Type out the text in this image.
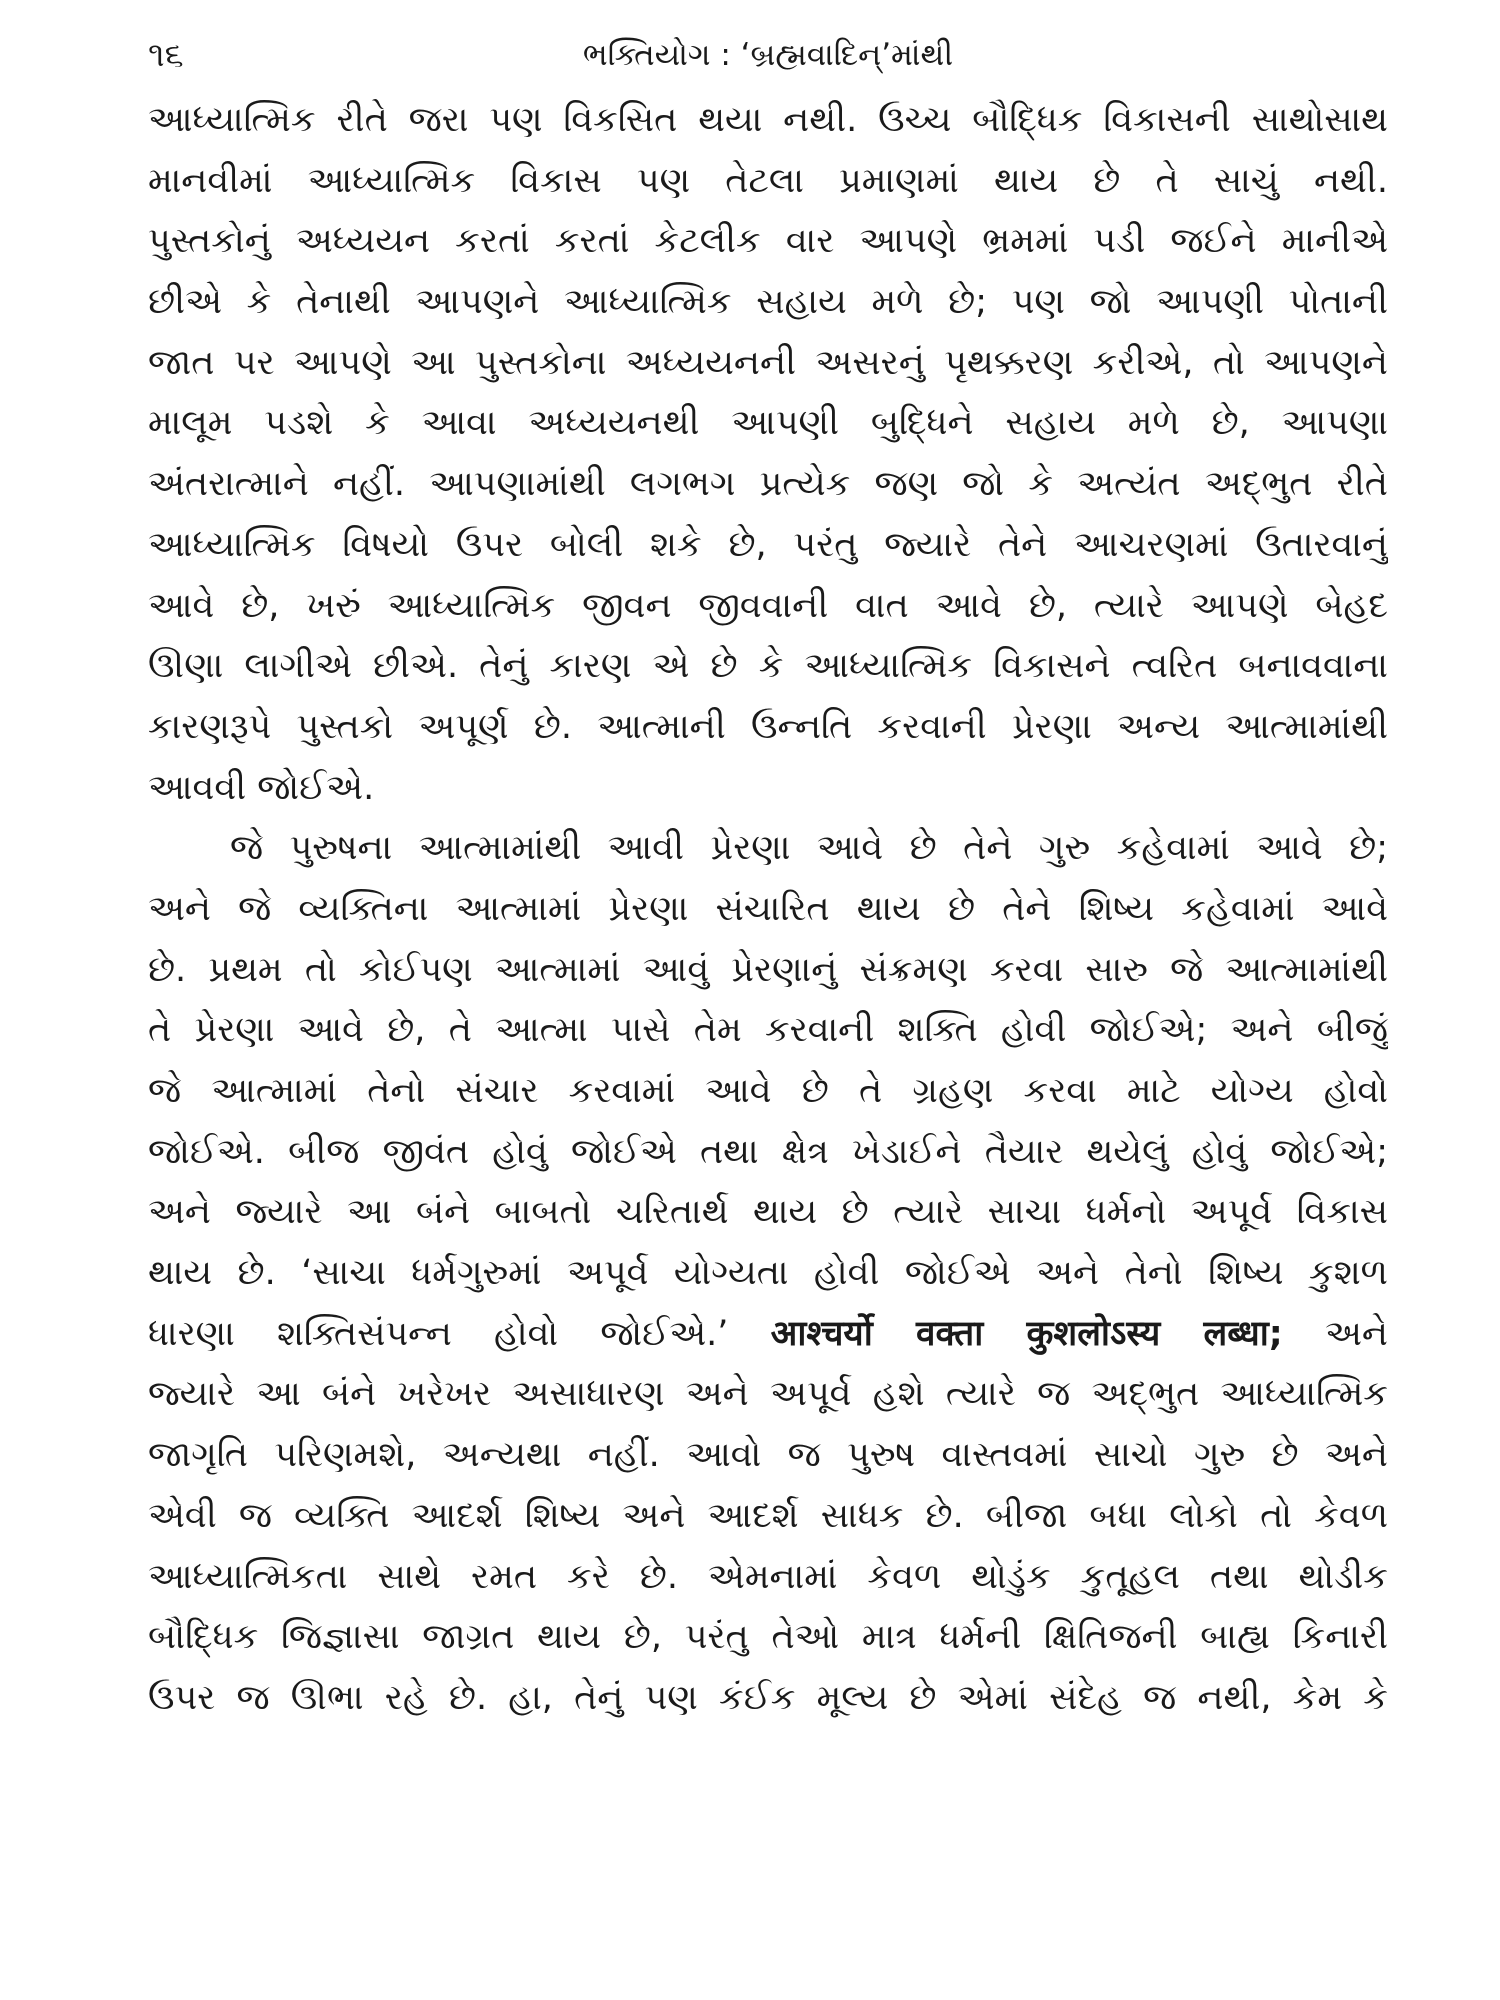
૧૬	ભક્તિયોગ : ‘બ્રહ્મવાદિન્’માંથી
આધ્યાત્મિક રીતે જરા પણ વિકસિત થયા નથી. ઉચ્ચ બૌદ્ધિક વિકાસની સાથોસાથ
માનવીમાં આધ્યાત્મિક વિકાસ પણ તેટલા પ્રમાણમાં થાય છે તે સાચું નથી.
પુસ્તકોનું અધ્યયન કરતાં કરતાં કેટલીક વાર આપણે ભ્રમમાં પડી જઈને માનીએ
છીએ કે તેનાથી આપણને આધ્યાત્મિક સહાય મળે છે; પણ જો આપણી પોતાની
જાત પર આપણે આ પુસ્તકોના અધ્યયનની અસરનું પૃથક્કરણ કરીએ, તો આપણને
માલૂમ પડશે કે આવા અધ્યયનથી આપણી બુદ્ધિને સહાય મળે છે, આપણા
અંતરાત્માને નહીં. આપણામાંથી લગભગ પ્રત્યેક જણ જો કે અત્યંત અદ્‌ભુત રીતે
આધ્યાત્મિક વિષયો ઉપર બોલી શકે છે, પરંતુ જ્યારે તેને આચરણમાં ઉતારવાનું
આવે છે, ખરું આધ્યાત્મિક જીવન જીવવાની વાત આવે છે, ત્યારે આપણે બેહદ
ઊણા લાગીએ છીએ. તેનું કારણ એ છે કે આધ્યાત્મિક વિકાસને ત્વરિત બનાવવાના
કારણરૂપે પુસ્તકો અપૂર્ણ છે. આત્માની ઉન્નતિ કરવાની પ્રેરણા અન્ય આત્મામાંથી
આવવી જોઈએ.
જે પુરુષના આત્મામાંથી આવી પ્રેરણા આવે છે તેને ગુરુ કહેવામાં આવે છે;
અને જે વ્યક્તિના આત્મામાં પ્રેરણા સંચારિત થાય છે તેને શિષ્ય કહેવામાં આવે
છે. પ્રથમ તો કોઈપણ આત્મામાં આવું પ્રેરણાનું સંક્રમણ કરવા સારુ જે આત્મામાંથી
તે પ્રેરણા આવે છે, તે આત્મા પાસે તેમ કરવાની શક્તિ હોવી જોઈએ; અને બીજું
જે આત્મામાં તેનો સંચાર કરવામાં આવે છે તે ગ્રહણ કરવા માટે યોગ્ય હોવો
જોઈએ. બીજ જીવંત હોવું જોઈએ તથા ક્ષેત્ર ખેડાઈને તૈયાર થયેલું હોવું જોઈએ;
અને જ્યારે આ બંને બાબતો ચરિતાર્થ થાય છે ત્યારે સાચા ધર્મનો અપૂર્વ વિકાસ
થાય છે. ‘સાચા ધર્મગુરુમાં અપૂર્વ યોગ્યતા હોવી જોઈએ અને તેનો શિષ્ય કુશળ
ધારણા શક્તિસંપન્ન હોવો જોઈએ.’ आश्चर्यो वक्ता कुशलोऽस्य लब्धा; અને
જ્યારે આ બંને ખરેખર અસાધારણ અને અપૂર્વ હશે ત્યારે જ અદ્‌ભુત આધ્યાત્મિક
જાગૃતિ પરિણમશે, અન્યથા નહીં. આવો જ પુરુષ વાસ્તવમાં સાચો ગુરુ છે અને
એવી જ વ્યક્તિ આદર્શ શિષ્ય અને આદર્શ સાધક છે. બીજા બધા લોકો તો કેવળ
આધ્યાત્મિકતા સાથે રમત કરે છે. એમનામાં કેવળ થોડુંક કુતૂહલ તથા થોડીક
બૌદ્ધિક જિજ્ઞાસા જાગ્રત થાય છે, પરંતુ તેઓ માત્ર ધર્મની ક્ષિતિજની બાહ્ય કિનારી
ઉપર જ ઊભા રહે છે. હા, તેનું પણ કંઈક મૂલ્ય છે એમાં સંદેહ જ નથી, કેમ કે
